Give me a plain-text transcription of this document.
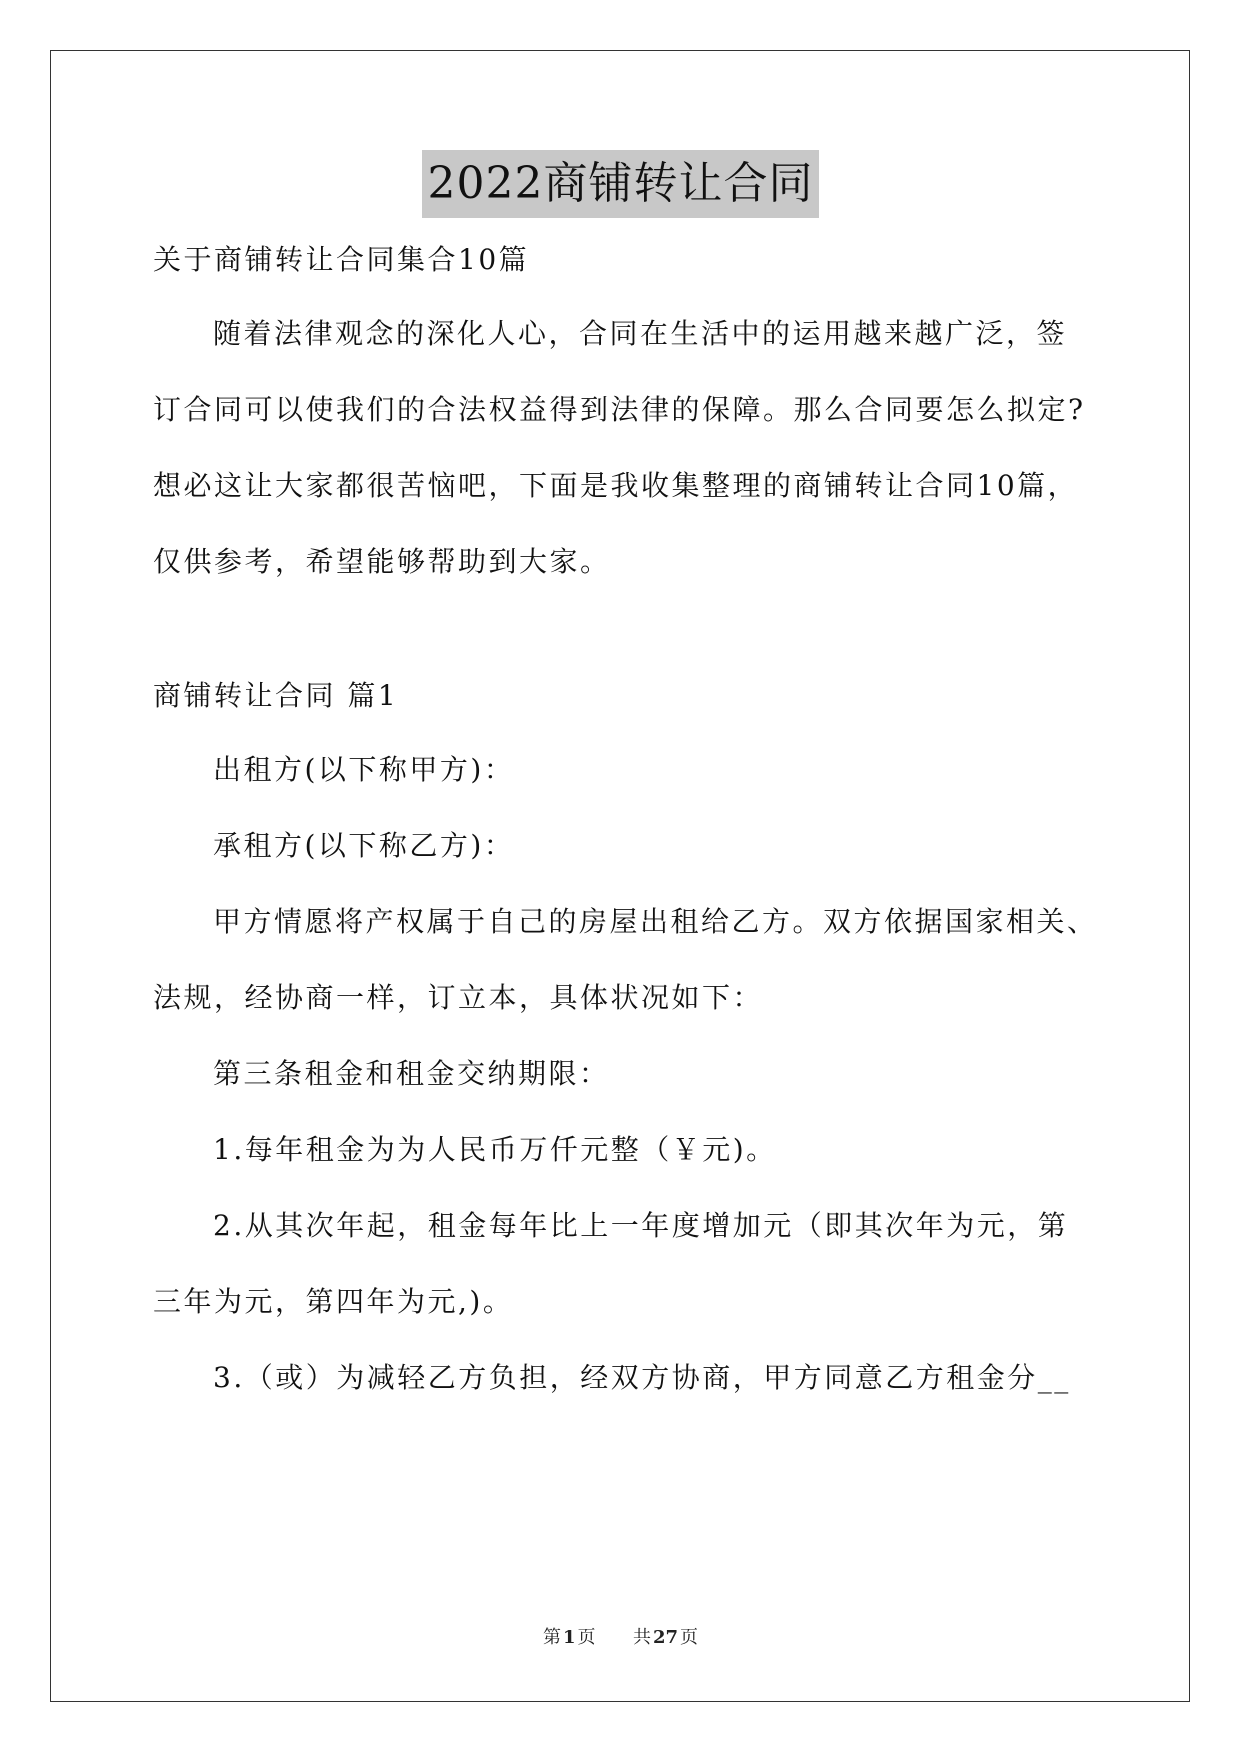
2022商铺转让合同
关于商铺转让合同集合10篇
随着法律观念的深化人心，合同在生活中的运用越来越广泛，签
订合同可以使我们的合法权益得到法律的保障。那么合同要怎么拟定?
想必这让大家都很苦恼吧，下面是我收集整理的商铺转让合同10篇，
仅供参考，希望能够帮助到大家。
商铺转让合同 篇1
出租方(以下称甲方)：
承租方(以下称乙方)：
甲方情愿将产权属于自己的房屋出租给乙方。双方依据国家相关、
法规，经协商一样，订立本，具体状况如下：
第三条租金和租金交纳期限：
1.每年租金为为人民币万仟元整（￥元)。
2.从其次年起，租金每年比上一年度增加元（即其次年为元，第
三年为元，第四年为元,)。
3.（或）为减轻乙方负担，经双方协商，甲方同意乙方租金分__
第 1 页 共 27 页
